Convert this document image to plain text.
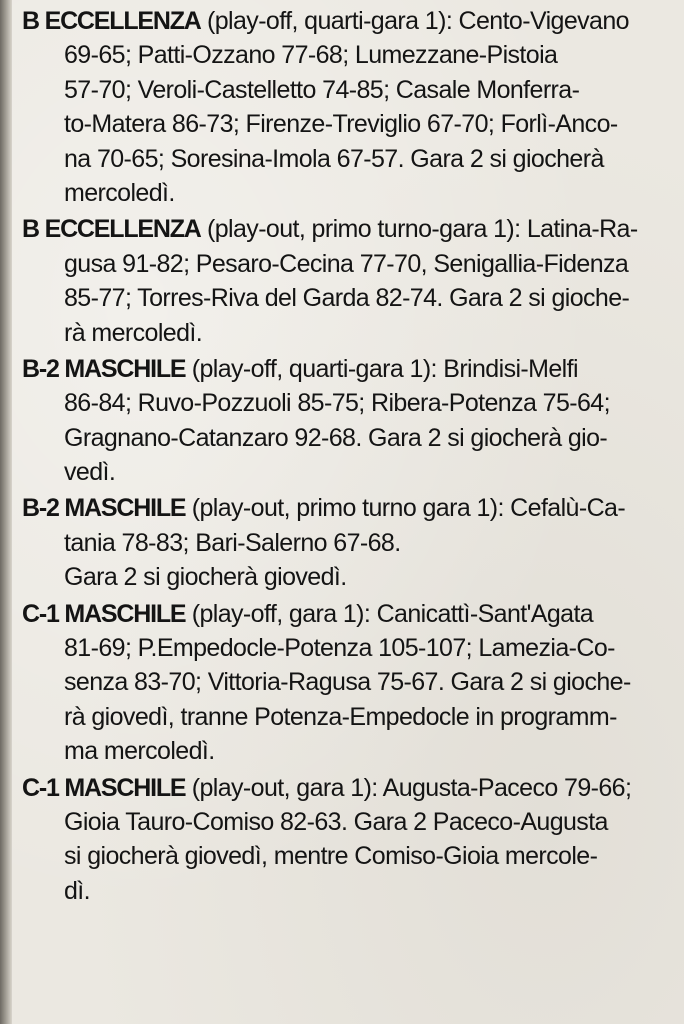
B ECCELLENZA (play-off, quarti-gara 1): Cento-Vigevano
69-65; Patti-Ozzano 77-68; Lumezzane-Pistoia
57-70; Veroli-Castelletto 74-85; Casale Monferra-
to-Matera 86-73; Firenze-Treviglio 67-70; Forlì-Anco-
na 70-65; Soresina-Imola 67-57. Gara 2 si giocherà
mercoledì.
B ECCELLENZA (play-out, primo turno-gara 1): Latina-Ra-
gusa 91-82; Pesaro-Cecina 77-70, Senigallia-Fidenza
85-77; Torres-Riva del Garda 82-74. Gara 2 si gioche-
rà mercoledì.
B-2 MASCHILE (play-off, quarti-gara 1): Brindisi-Melfi
86-84; Ruvo-Pozzuoli 85-75; Ribera-Potenza 75-64;
Gragnano-Catanzaro 92-68. Gara 2 si giocherà gio-
vedì.
B-2 MASCHILE (play-out, primo turno gara 1): Cefalù-Ca-
tania 78-83; Bari-Salerno 67-68.
Gara 2 si giocherà giovedì.
C-1 MASCHILE (play-off, gara 1): Canicattì-Sant'Agata
81-69; P.Empedocle-Potenza 105-107; Lamezia-Co-
senza 83-70; Vittoria-Ragusa 75-67. Gara 2 si gioche-
rà giovedì, tranne Potenza-Empedocle in programm-
ma mercoledì.
C-1 MASCHILE (play-out, gara 1): Augusta-Paceco 79-66;
Gioia Tauro-Comiso 82-63. Gara 2 Paceco-Augusta
si giocherà giovedì, mentre Comiso-Gioia mercole-
dì.
